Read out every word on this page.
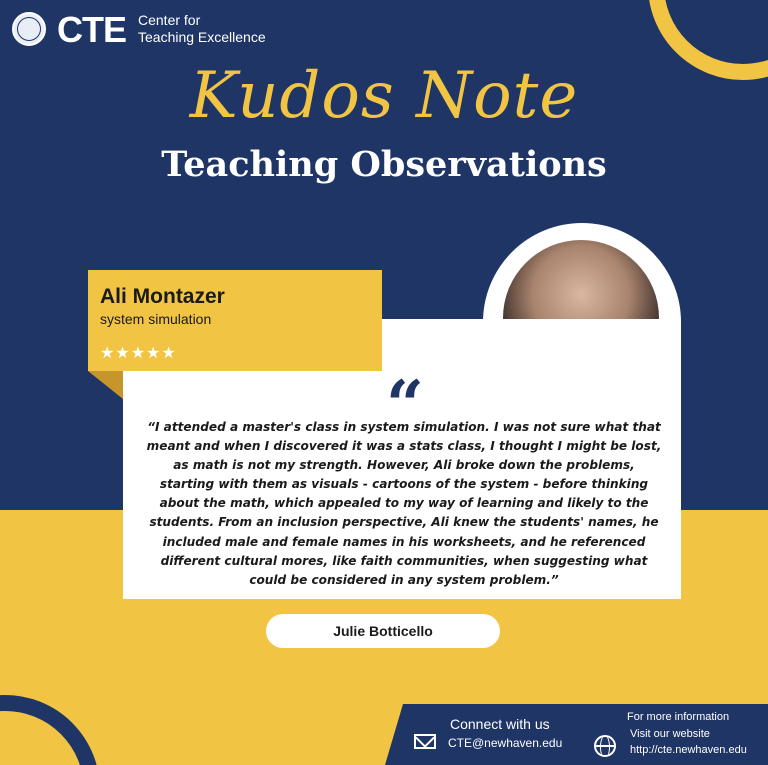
CTE Center for
Teaching Excellence
Kudos Note
Teaching Observations
“
“I attended a master's class in system simulation. I was not sure what that meant and when I discovered it was a stats class, I thought I might be lost, as math is not my strength. However, Ali broke down the problems, starting with them as visuals - cartoons of the system - before thinking about the math, which appealed to my way of learning and likely to the students. From an inclusion perspective, Ali knew the students' names, he included male and female names in his worksheets, and he referenced different cultural mores, like faith communities, when suggesting what could be considered in any system problem.”
Ali Montazer
system simulation
★★★★★
Julie Botticello
Connect with us
CTE@newhaven.edu
For more information
Visit our website
http://cte.newhaven.edu
